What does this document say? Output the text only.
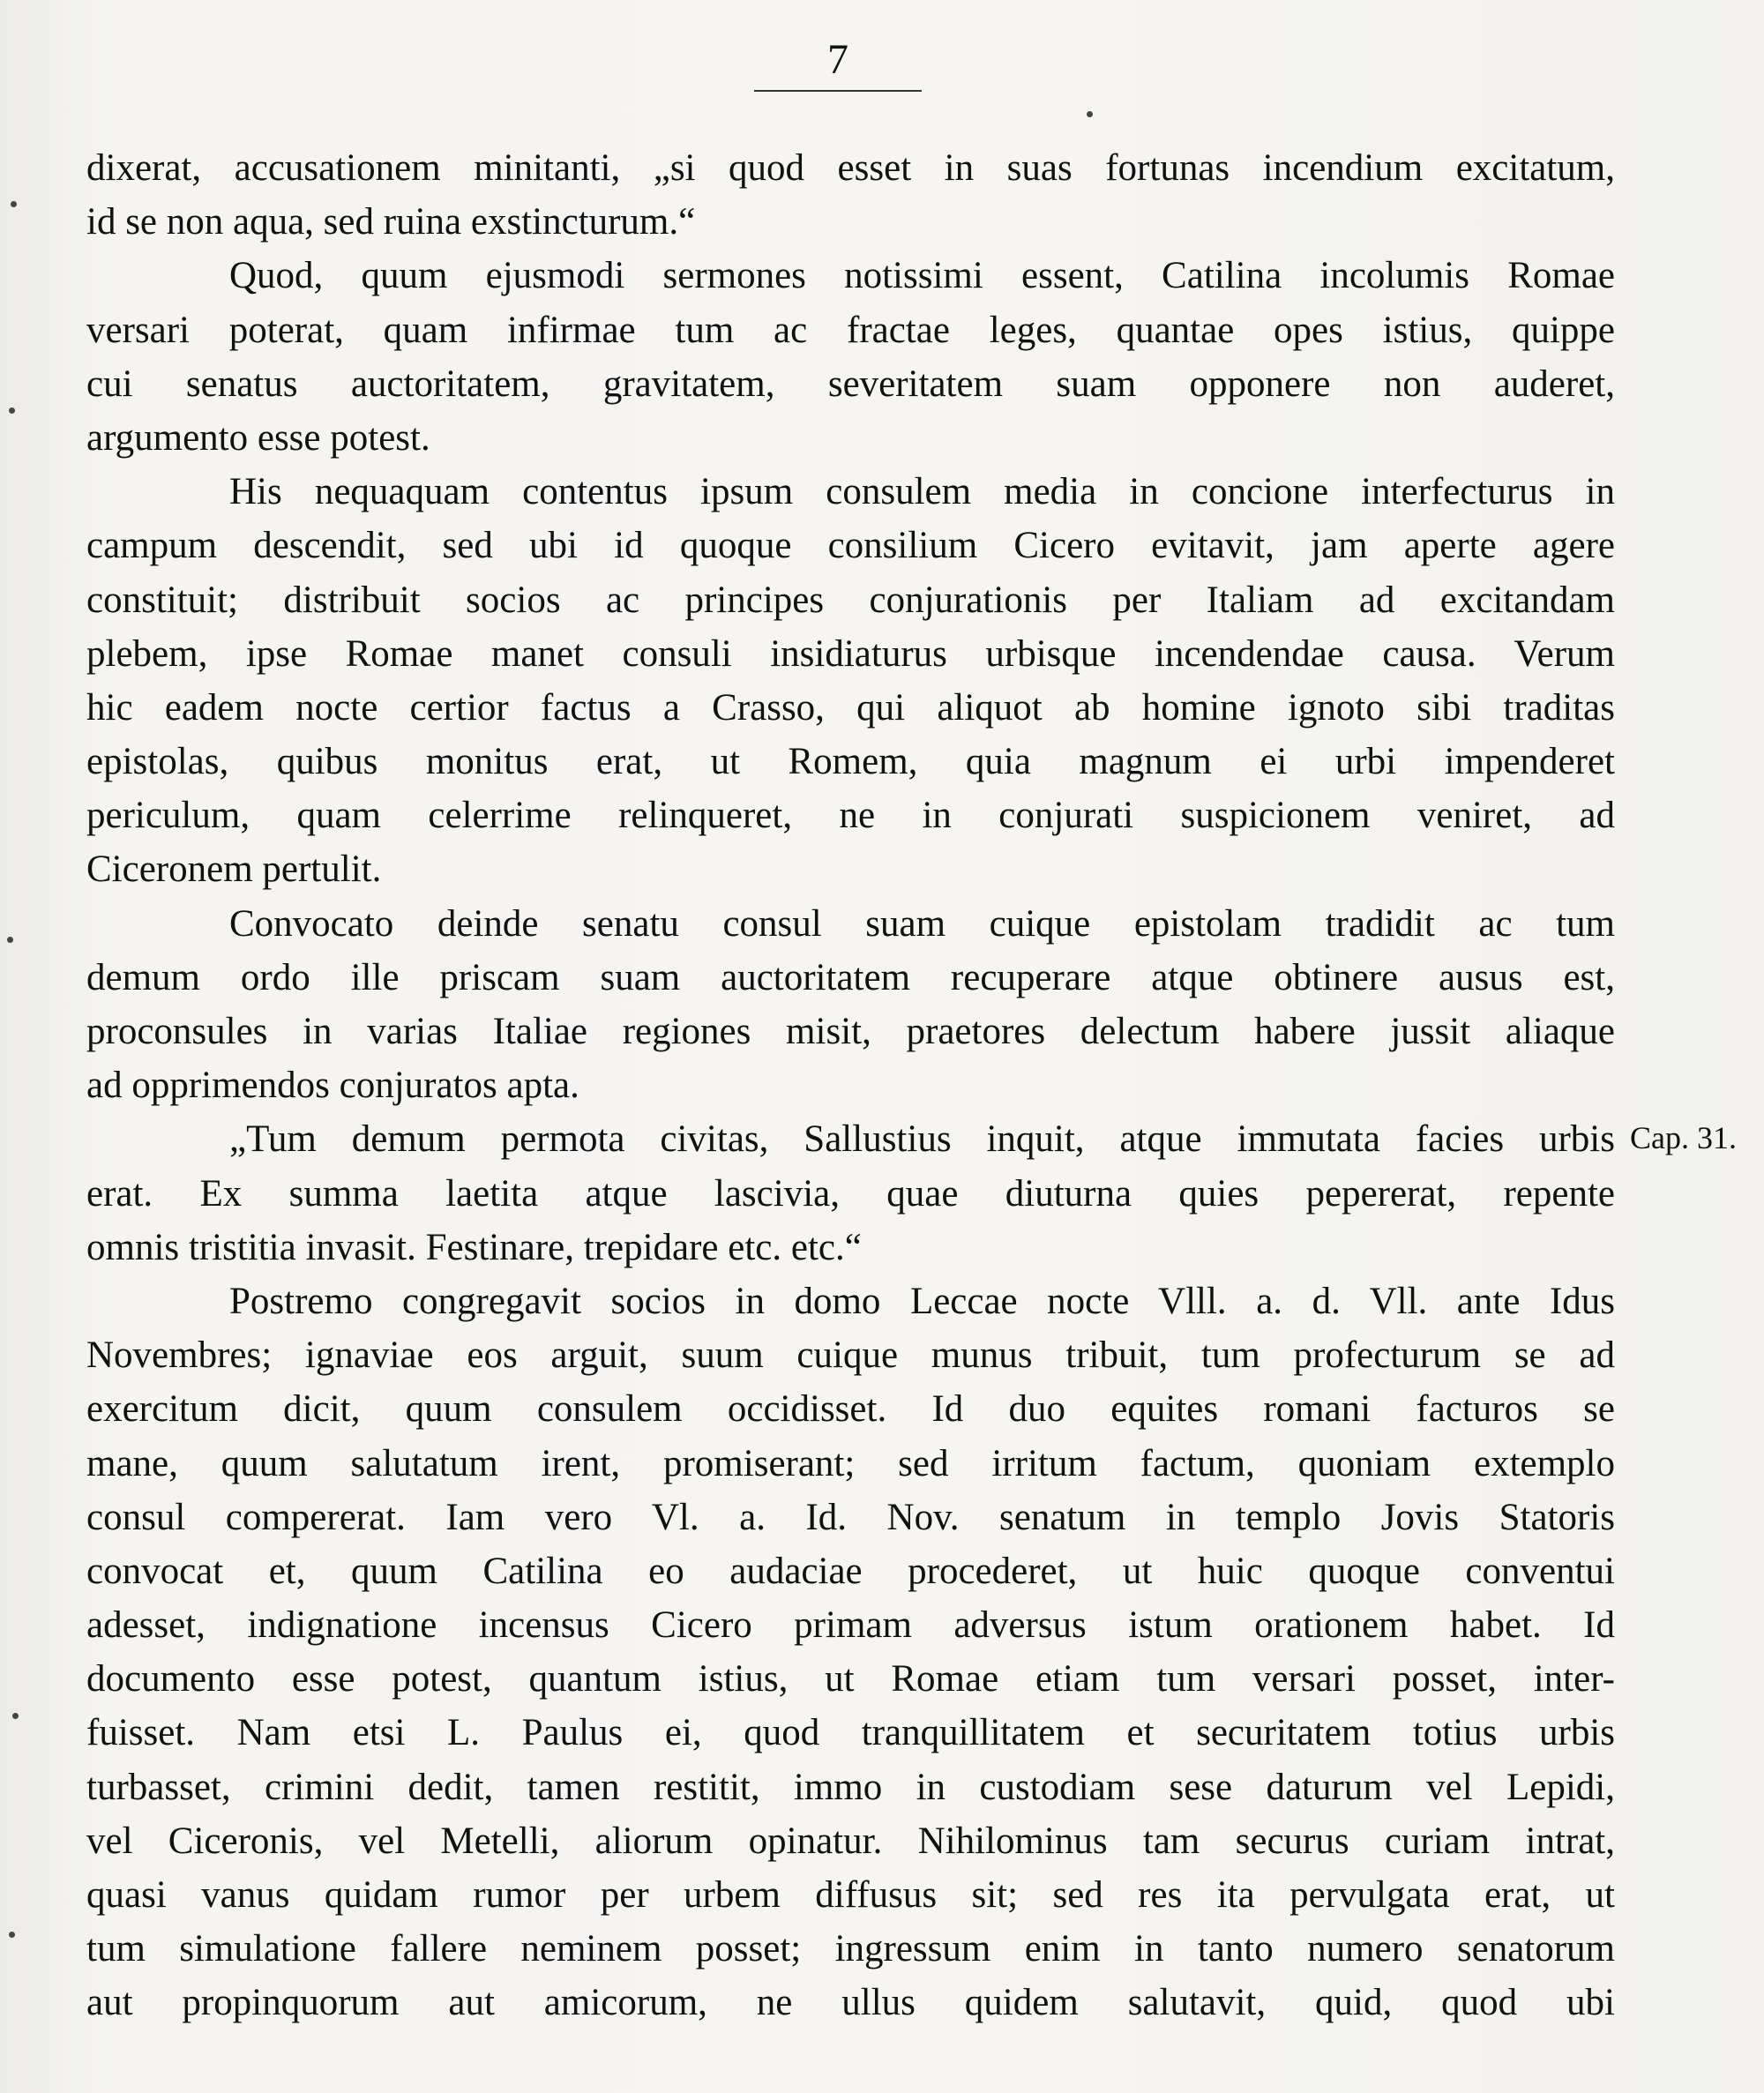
7
dixerat, accusationem minitanti, „si quod esset in suas fortunas incendium excitatum,
id se non aqua, sed ruina exstincturum.“
Quod, quum ejusmodi sermones notissimi essent, Catilina incolumis Romae
versari poterat, quam infirmae tum ac fractae leges, quantae opes istius, quippe
cui senatus auctoritatem, gravitatem, severitatem suam opponere non auderet,
argumento esse potest.
His nequaquam contentus ipsum consulem media in concione interfecturus in
campum descendit, sed ubi id quoque consilium Cicero evitavit, jam aperte agere
constituit; distribuit socios ac principes conjurationis per Italiam ad excitandam
plebem, ipse Romae manet consuli insidiaturus urbisque incendendae causa. Verum
hic eadem nocte certior factus a Crasso, qui aliquot ab homine ignoto sibi traditas
epistolas, quibus monitus erat, ut Romem, quia magnum ei urbi impenderet
periculum, quam celerrime relinqueret, ne in conjurati suspicionem veniret, ad
Ciceronem pertulit.
Convocato deinde senatu consul suam cuique epistolam tradidit ac tum
demum ordo ille priscam suam auctoritatem recuperare atque obtinere ausus est,
proconsules in varias Italiae regiones misit, praetores delectum habere jussit aliaque
ad opprimendos conjuratos apta.
„Tum demum permota civitas, Sallustius inquit, atque immutata facies urbis
erat. Ex summa laetita atque lascivia, quae diuturna quies pepererat, repente
omnis tristitia invasit. Festinare, trepidare etc. etc.“
Postremo congregavit socios in domo Leccae nocte Vlll. a. d. Vll. ante Idus
Novembres; ignaviae eos arguit, suum cuique munus tribuit, tum profecturum se ad
exercitum dicit, quum consulem occidisset. Id duo equites romani facturos se
mane, quum salutatum irent, promiserant; sed irritum factum, quoniam extemplo
consul compererat. Iam vero Vl. a. Id. Nov. senatum in templo Jovis Statoris
convocat et, quum Catilina eo audaciae procederet, ut huic quoque conventui
adesset, indignatione incensus Cicero primam adversus istum orationem habet. Id
documento esse potest, quantum istius, ut Romae etiam tum versari posset, inter-
fuisset. Nam etsi L. Paulus ei, quod tranquillitatem et securitatem totius urbis
turbasset, crimini dedit, tamen restitit, immo in custodiam sese daturum vel Lepidi,
vel Ciceronis, vel Metelli, aliorum opinatur. Nihilominus tam securus curiam intrat,
quasi vanus quidam rumor per urbem diffusus sit; sed res ita pervulgata erat, ut
tum simulatione fallere neminem posset; ingressum enim in tanto numero senatorum
aut propinquorum aut amicorum, ne ullus quidem salutavit, quid, quod ubi
Cap. 31.
